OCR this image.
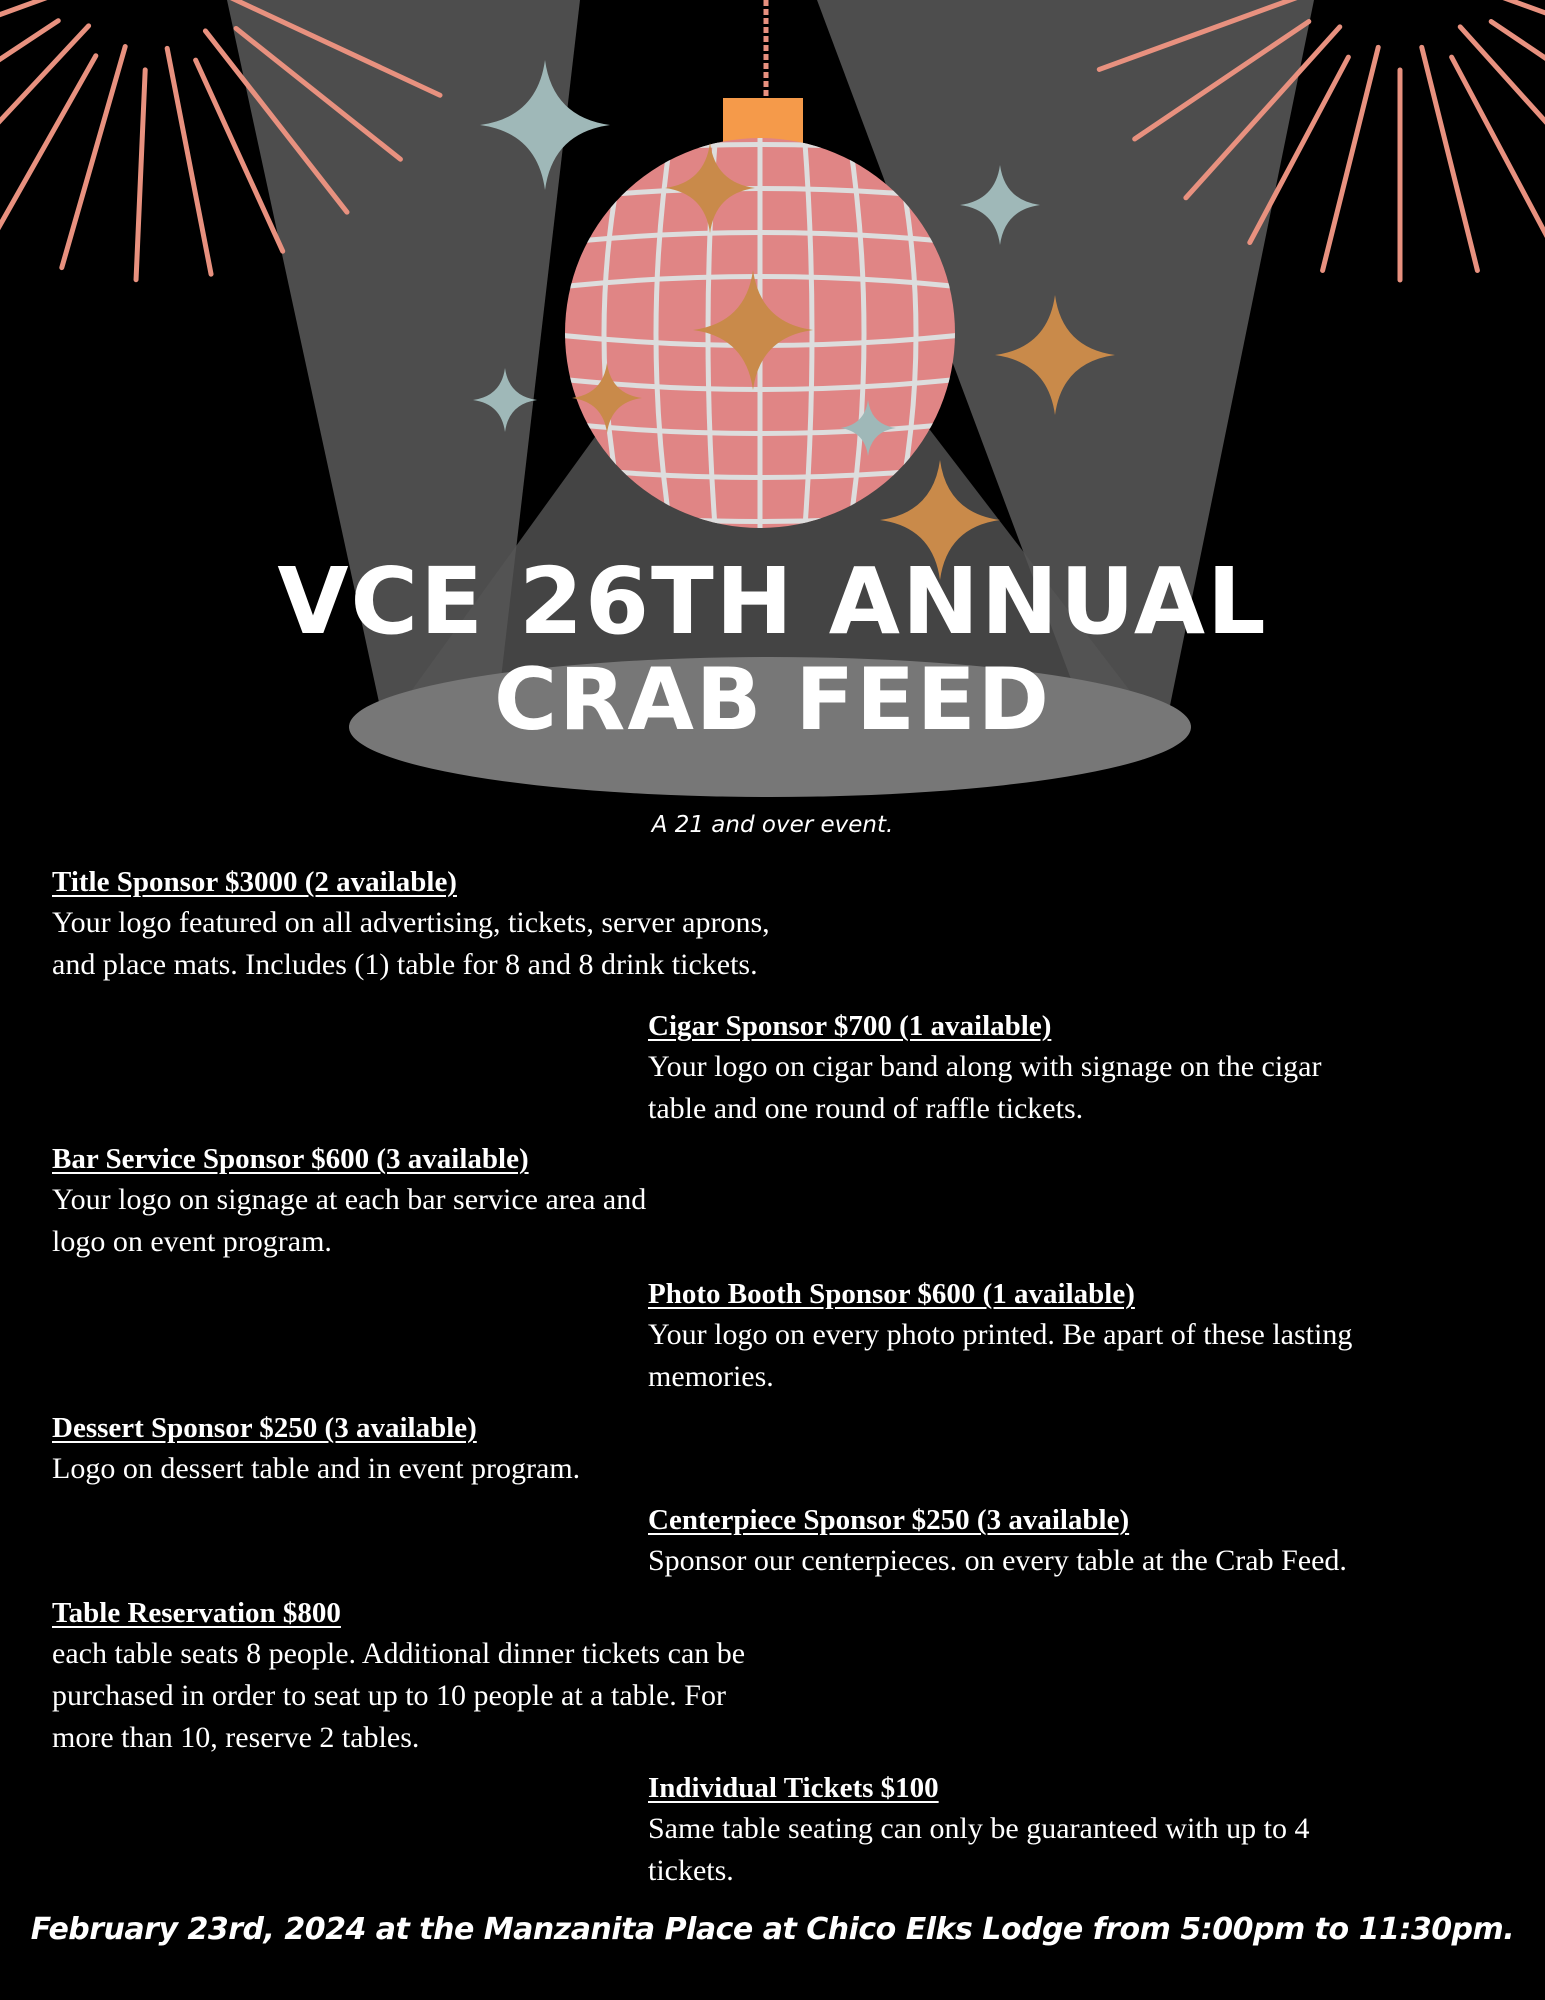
VCE 26TH ANNUAL
CRAB FEED
A 21 and over event.
Title Sponsor $3000 (2 available)

Your logo featured on all advertising, tickets, server aprons,

and place mats. Includes (1) table for 8 and 8 drink tickets.

Cigar Sponsor $700 (1 available)

Your logo on cigar band along with signage on the cigar

table and one round of raffle tickets.

Bar Service Sponsor $600 (3 available)

Your logo on signage at each bar service area and

logo on event program.

Photo Booth Sponsor $600 (1 available)

Your logo on every photo printed. Be apart of these lasting

memories.

Dessert Sponsor $250 (3 available)

Logo on dessert table and in event program.

Centerpiece Sponsor $250 (3 available)

Sponsor our centerpieces. on every table at the Crab Feed.

Table Reservation $800

each table seats 8 people. Additional dinner tickets can be

purchased in order to seat up to 10 people at a table. For

more than 10, reserve 2 tables.

Individual Tickets $100

Same table seating can only be guaranteed with up to 4

tickets.

February 23rd, 2024 at the Manzanita Place at Chico Elks Lodge from 5:00pm to 11:30pm.
